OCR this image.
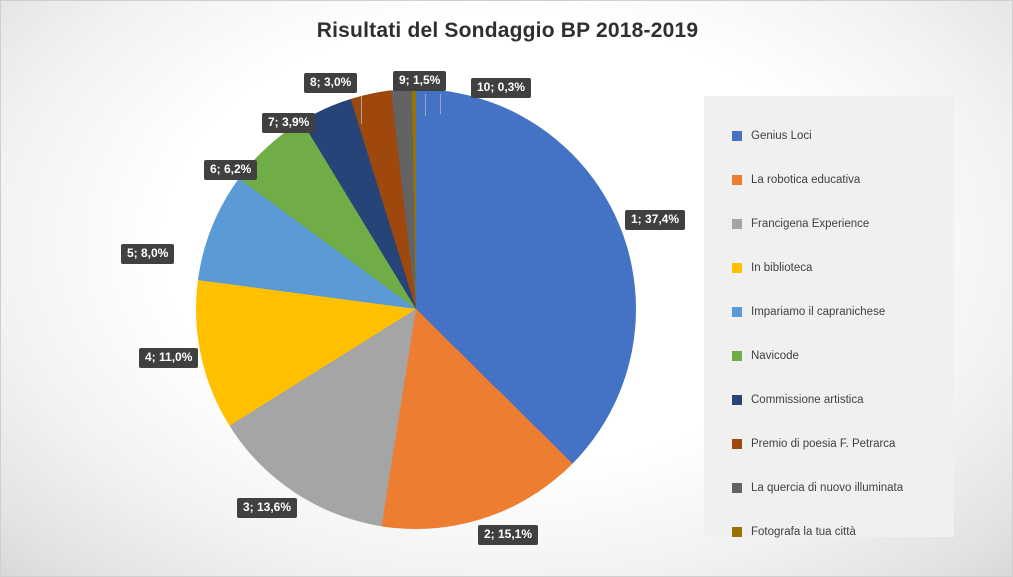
Risultati del Sondaggio BP 2018-2019
1; 37,4%
2; 15,1%
3; 13,6%
4; 11,0%
5; 8,0%
6; 6,2%
7; 3,9%
8; 3,0%	9; 1,5%	10; 0,3%
Genius Loci
La robotica educativa
Francigena Experience
In biblioteca
Impariamo il capranichese
Navicode
Commissione artistica
Premio di poesia F. Petrarca
La quercia di nuovo illuminata
Fotografa la tua città
